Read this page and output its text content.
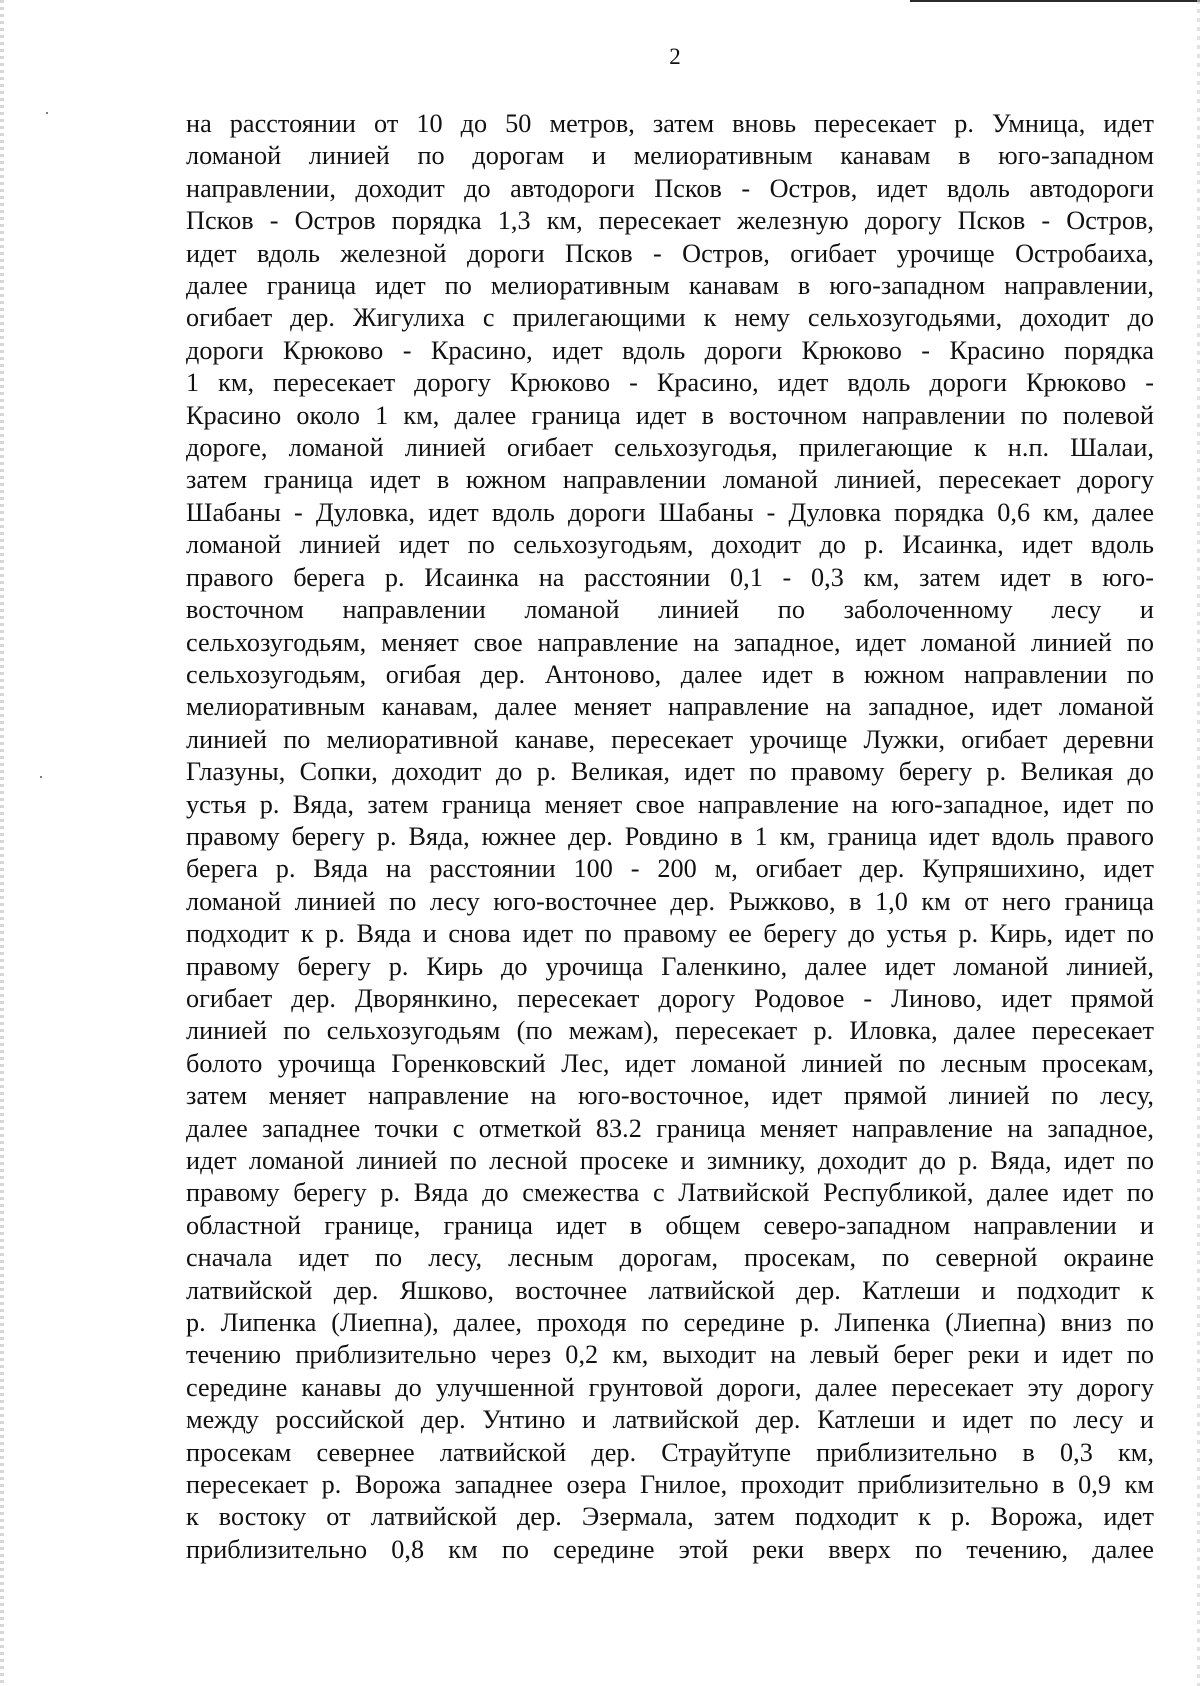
2
на расстоянии от 10 до 50 метров, затем вновь пересекает р. Умница, идет
ломаной линией по дорогам и мелиоративным канавам в юго-западном
направлении, доходит до автодороги Псков - Остров, идет вдоль автодороги
Псков - Остров порядка 1,3 км, пересекает железную дорогу Псков - Остров,
идет вдоль железной дороги Псков - Остров, огибает урочище Остробаиха,
далее граница идет по мелиоративным канавам в юго-западном направлении,
огибает дер. Жигулиха с прилегающими к нему сельхозугодьями, доходит до
дороги Крюково - Красино, идет вдоль дороги Крюково - Красино порядка
1 км, пересекает дорогу Крюково - Красино, идет вдоль дороги Крюково -
Красино около 1 км, далее граница идет в восточном направлении по полевой
дороге, ломаной линией огибает сельхозугодья, прилегающие к н.п. Шалаи,
затем граница идет в южном направлении ломаной линией, пересекает дорогу
Шабаны - Дуловка, идет вдоль дороги Шабаны - Дуловка порядка 0,6 км, далее
ломаной линией идет по сельхозугодьям, доходит до р. Исаинка, идет вдоль
правого берега р. Исаинка на расстоянии 0,1 - 0,3 км, затем идет в юго-
восточном направлении ломаной линией по заболоченному лесу и
сельхозугодьям, меняет свое направление на западное, идет ломаной линией по
сельхозугодьям, огибая дер. Антоново, далее идет в южном направлении по
мелиоративным канавам, далее меняет направление на западное, идет ломаной
линией по мелиоративной канаве, пересекает урочище Лужки, огибает деревни
Глазуны, Сопки, доходит до р. Великая, идет по правому берегу р. Великая до
устья р. Вяда, затем граница меняет свое направление на юго-западное, идет по
правому берегу р. Вяда, южнее дер. Ровдино в 1 км, граница идет вдоль правого
берега р. Вяда на расстоянии 100 - 200 м, огибает дер. Купряшихино, идет
ломаной линией по лесу юго-восточнее дер. Рыжково, в 1,0 км от него граница
подходит к р. Вяда и снова идет по правому ее берегу до устья р. Кирь, идет по
правому берегу р. Кирь до урочища Галенкино, далее идет ломаной линией,
огибает дер. Дворянкино, пересекает дорогу Родовое - Линово, идет прямой
линией по сельхозугодьям (по межам), пересекает р. Иловка, далее пересекает
болото урочища Горенковский Лес, идет ломаной линией по лесным просекам,
затем меняет направление на юго-восточное, идет прямой линией по лесу,
далее западнее точки с отметкой 83.2 граница меняет направление на западное,
идет ломаной линией по лесной просеке и зимнику, доходит до р. Вяда, идет по
правому берегу р. Вяда до смежества с Латвийской Республикой, далее идет по
областной границе, граница идет в общем северо-западном направлении и
сначала идет по лесу, лесным дорогам, просекам, по северной окраине
латвийской дер. Яшково, восточнее латвийской дер. Катлеши и подходит к
р. Липенка (Лиепна), далее, проходя по середине р. Липенка (Лиепна) вниз по
течению приблизительно через 0,2 км, выходит на левый берег реки и идет по
середине канавы до улучшенной грунтовой дороги, далее пересекает эту дорогу
между российской дер. Унтино и латвийской дер. Катлеши и идет по лесу и
просекам севернее латвийской дер. Страуйтупе приблизительно в 0,3 км,
пересекает р. Ворожа западнее озера Гнилое, проходит приблизительно в 0,9 км
к востоку от латвийской дер. Эзермала, затем подходит к р. Ворожа, идет
приблизительно 0,8 км по середине этой реки вверх по течению, далее
